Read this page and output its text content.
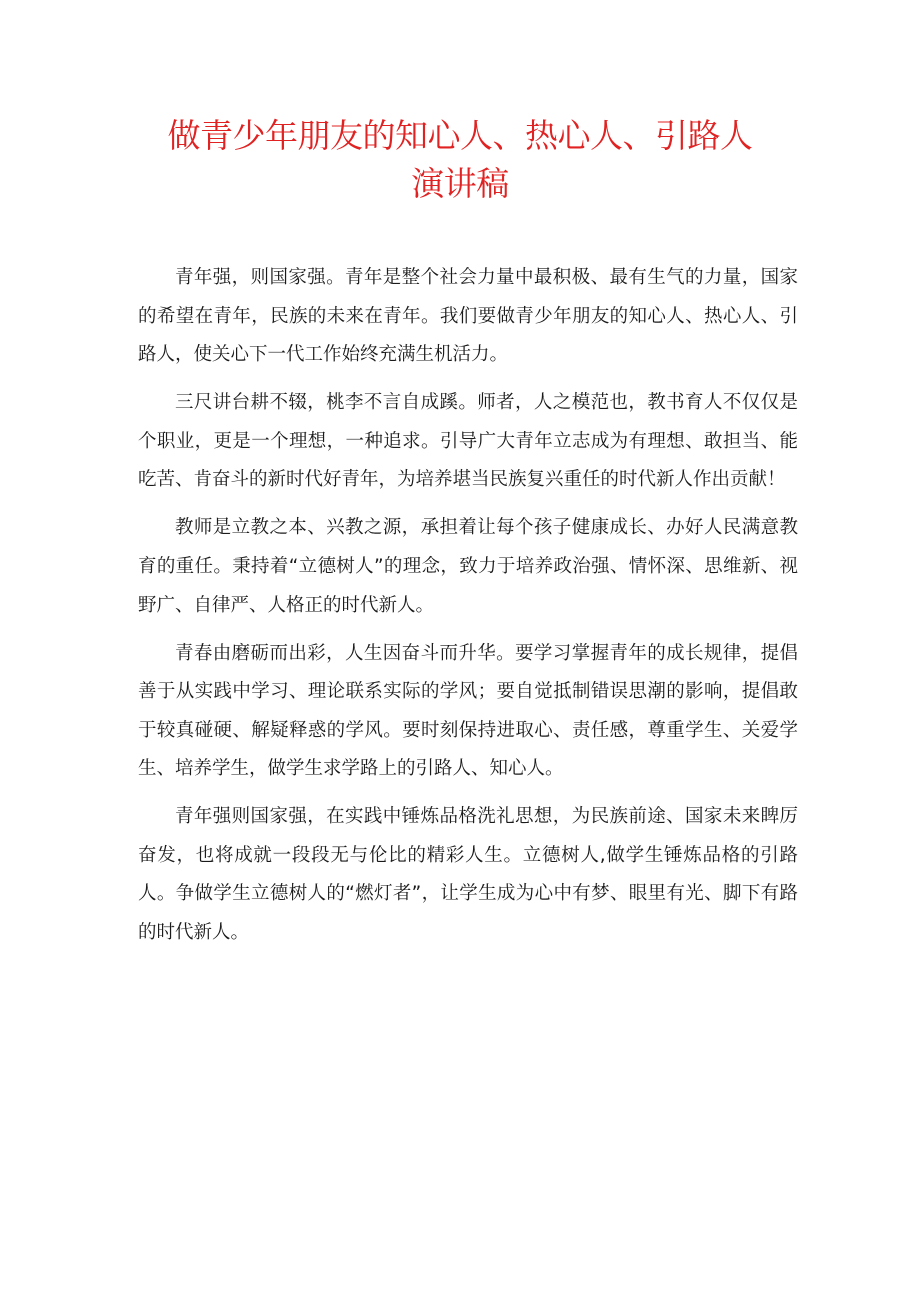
做青少年朋友的知心人、热心人、引路人
演讲稿

青年强，则国家强。青年是整个社会力量中最积极、最有生气的力量，国家的希望在青年，民族的未来在青年。我们要做青少年朋友的知心人、热心人、引路人，使关心下一代工作始终充满生机活力。

三尺讲台耕不辍，桃李不言自成蹊。师者，人之模范也，教书育人不仅仅是个职业，更是一个理想，一种追求。引导广大青年立志成为有理想、敢担当、能吃苦、肯奋斗的新时代好青年，为培养堪当民族复兴重任的时代新人作出贡献！

教师是立教之本、兴教之源，承担着让每个孩子健康成长、办好人民满意教育的重任。秉持着“立德树人”的理念，致力于培养政治强、情怀深、思维新、视野广、自律严、人格正的时代新人。

青春由磨砺而出彩，人生因奋斗而升华。要学习掌握青年的成长规律，提倡善于从实践中学习、理论联系实际的学风；要自觉抵制错误思潮的影响，提倡敢于较真碰硬、解疑释惑的学风。要时刻保持进取心、责任感，尊重学生、关爱学生、培养学生，做学生求学路上的引路人、知心人。

青年强则国家强，在实践中锤炼品格洗礼思想，为民族前途、国家未来睥厉奋发，也将成就一段段无与伦比的精彩人生。立德树人,做学生锤炼品格的引路人。争做学生立德树人的“燃灯者”，让学生成为心中有梦、眼里有光、脚下有路的时代新人。
